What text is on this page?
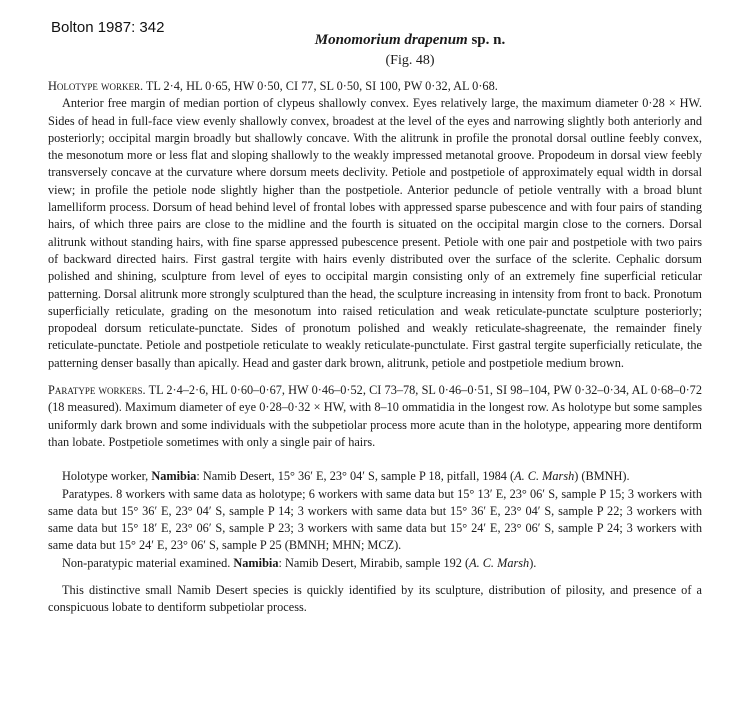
Bolton 1987: 342
Monomorium drapenum sp. n.
(Fig. 48)

Holotype worker. TL 2·4, HL 0·65, HW 0·50, CI 77, SL 0·50, SI 100, PW 0·32, AL 0·68.

Anterior free margin of median portion of clypeus shallowly convex. Eyes relatively large, the maximum diameter 0·28 × HW. Sides of head in full-face view evenly shallowly convex, broadest at the level of the eyes and narrowing slightly both anteriorly and posteriorly; occipital margin broadly but shallowly concave. With the alitrunk in profile the pronotal dorsal outline feebly convex, the mesonotum more or less flat and sloping shallowly to the weakly impressed metanotal groove. Propodeum in dorsal view feebly transversely concave at the curvature where dorsum meets declivity. Petiole and postpetiole of approximately equal width in dorsal view; in profile the petiole node slightly higher than the postpetiole. Anterior peduncle of petiole ventrally with a broad blunt lamelliform process. Dorsum of head behind level of frontal lobes with appressed sparse pubescence and with four pairs of standing hairs, of which three pairs are close to the midline and the fourth is situated on the occipital margin close to the corners. Dorsal alitrunk without standing hairs, with fine sparse appressed pubescence present. Petiole with one pair and postpetiole with two pairs of backward directed hairs. First gastral tergite with hairs evenly distributed over the surface of the sclerite. Cephalic dorsum polished and shining, sculpture from level of eyes to occipital margin consisting only of an extremely fine superficial reticular patterning. Dorsal alitrunk more strongly sculptured than the head, the sculpture increasing in intensity from front to back. Pronotum superficially reticulate, grading on the mesonotum into raised reticulation and weak reticulate-punctate sculpture posteriorly; propodeal dorsum reticulate-punctate. Sides of pronotum polished and weakly reticulate-shagreenate, the remainder finely reticulate-punctate. Petiole and postpetiole reticulate to weakly reticulate-punctulate. First gastral tergite superficially reticulate, the patterning denser basally than apically. Head and gaster dark brown, alitrunk, petiole and postpetiole medium brown.

Paratype workers. TL 2·4–2·6, HL 0·60–0·67, HW 0·46–0·52, CI 73–78, SL 0·46–0·51, SI 98–104, PW 0·32–0·34, AL 0·68–0·72 (18 measured). Maximum diameter of eye 0·28–0·32 × HW, with 8–10 ommatidia in the longest row. As holotype but some samples uniformly dark brown and some individuals with the subpetiolar process more acute than in the holotype, appearing more dentiform than lobate. Postpetiole sometimes with only a single pair of hairs.

Holotype worker, Namibia: Namib Desert, 15° 36′ E, 23° 04′ S, sample P 18, pitfall, 1984 (A. C. Marsh) (BMNH).

Paratypes. 8 workers with same data as holotype; 6 workers with same data but 15° 13′ E, 23° 06′ S, sample P 15; 3 workers with same data but 15° 36′ E, 23° 04′ S, sample P 14; 3 workers with same data but 15° 36′ E, 23° 04′ S, sample P 22; 3 workers with same data but 15° 18′ E, 23° 06′ S, sample P 23; 3 workers with same data but 15° 24′ E, 23° 06′ S, sample P 24; 3 workers with same data but 15° 24′ E, 23° 06′ S, sample P 25 (BMNH; MHN; MCZ).

Non-paratypic material examined. Namibia: Namib Desert, Mirabib, sample 192 (A. C. Marsh).

This distinctive small Namib Desert species is quickly identified by its sculpture, distribution of pilosity, and presence of a conspicuous lobate to dentiform subpetiolar process.
